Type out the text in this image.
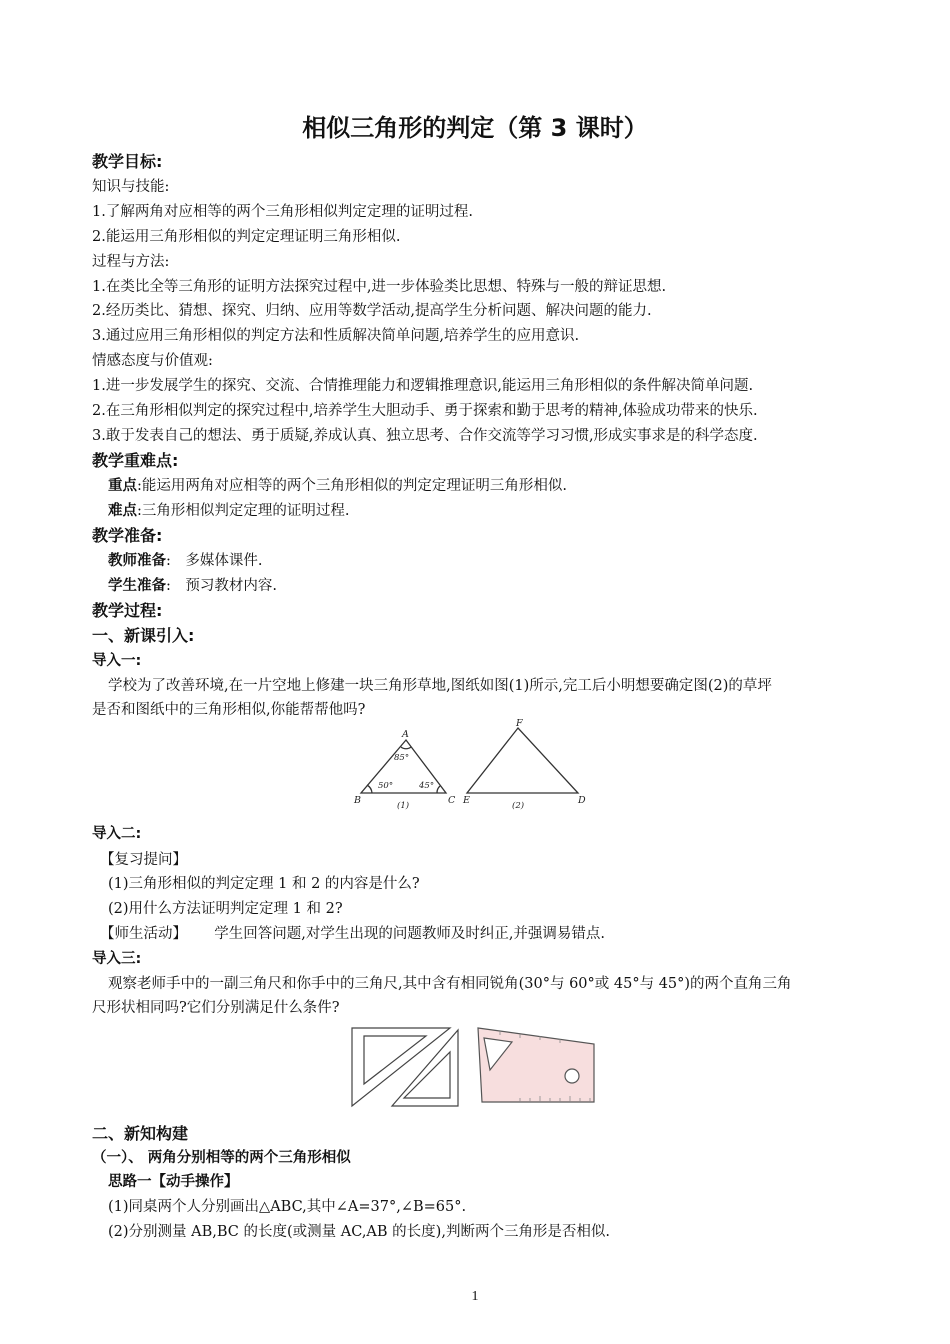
相似三角形的判定（第 3 课时）
教学目标:
知识与技能:
1.了解两角对应相等的两个三角形相似判定定理的证明过程.
2.能运用三角形相似的判定定理证明三角形相似.
过程与方法:
1.在类比全等三角形的证明方法探究过程中,进一步体验类比思想、特殊与一般的辩证思想.
2.经历类比、猜想、探究、归纳、应用等数学活动,提高学生分析问题、解决问题的能力.
3.通过应用三角形相似的判定方法和性质解决简单问题,培养学生的应用意识.
情感态度与价值观:
1.进一步发展学生的探究、交流、合情推理能力和逻辑推理意识,能运用三角形相似的条件解决简单问题.
2.在三角形相似判定的探究过程中,培养学生大胆动手、勇于探索和勤于思考的精神,体验成功带来的快乐.
3.敢于发表自己的想法、勇于质疑,养成认真、独立思考、合作交流等学习习惯,形成实事求是的科学态度.
教学重难点:
重点:能运用两角对应相等的两个三角形相似的判定定理证明三角形相似.
难点:三角形相似判定定理的证明过程.
教学准备:
教师准备:　多媒体课件.
学生准备:　预习教材内容.
教学过程:
一、新课引入:
导入一:
学校为了改善环境,在一片空地上修建一块三角形草地,图纸如图(1)所示,完工后小明想要确定图(2)的草坪
是否和图纸中的三角形相似,你能帮帮他吗?
A
B	C
F
E	D
85°
50°	45°
(1)	(2)
导入二:
【复习提问】
(1)三角形相似的判定定理 1 和 2 的内容是什么?
(2)用什么方法证明判定定理 1 和 2?
【师生活动】 学生回答问题,对学生出现的问题教师及时纠正,并强调易错点.
导入三:
观察老师手中的一副三角尺和你手中的三角尺,其中含有相同锐角(30°与 60°或 45°与 45°)的两个直角三角
尺形状相同吗?它们分别满足什么条件?
二、新知构建
（一）、 两角分别相等的两个三角形相似
思路一【动手操作】
(1)同桌两个人分别画出△ABC,其中∠A=37°,∠B=65°.
(2)分别测量 AB,BC 的长度(或测量 AC,AB 的长度),判断两个三角形是否相似.
1
